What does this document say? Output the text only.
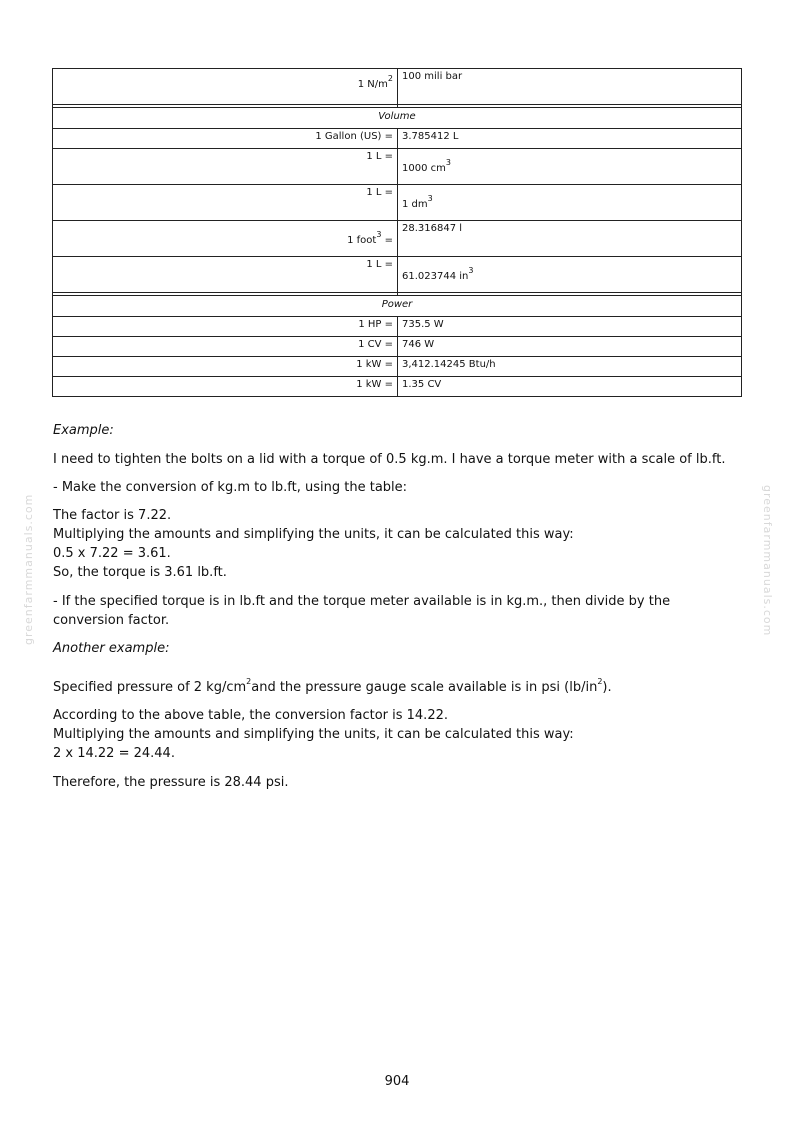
1 $N/m^2$	100 mili bar

Volume	
1 Gallon (US) =	3.785412 L
1 L =	1000 $cm^3$
1 L =	1 $dm^3$
1 foot$^3$ =	28.316847 l
1 L =	61.023744 $in^3$

Power	
1 HP =	735.5 W
1 CV =	746 W
1 kW =	3,412.14245 Btu/h
1 kW =	1.35 CV
Example:
I need to tighten the bolts on a lid with a torque of 0.5 kg.m. I have a torque meter with a scale of lb.ft.
- Make the conversion of kg.m to lb.ft, using the table:
The factor is 7.22.
Multiplying the amounts and simplifying the units, it can be calculated this way:
0.5 x 7.22 = 3.61.
So, the torque is 3.61 lb.ft.
- If the specified torque is in lb.ft and the torque meter available is in kg.m., then divide by the conversion factor.
Another example:
Specified pressure of 2 $kg/cm^2and$ the pressure gauge scale available is in psi $(lb/in^2)$.
According to the above table, the conversion factor is 14.22.
Multiplying the amounts and simplifying the units, it can be calculated this way:
2 x 14.22 = 24.44.
Therefore, the pressure is 28.44 psi.
greenfarmmanuals.com	greenfarmmanuals.com
904
